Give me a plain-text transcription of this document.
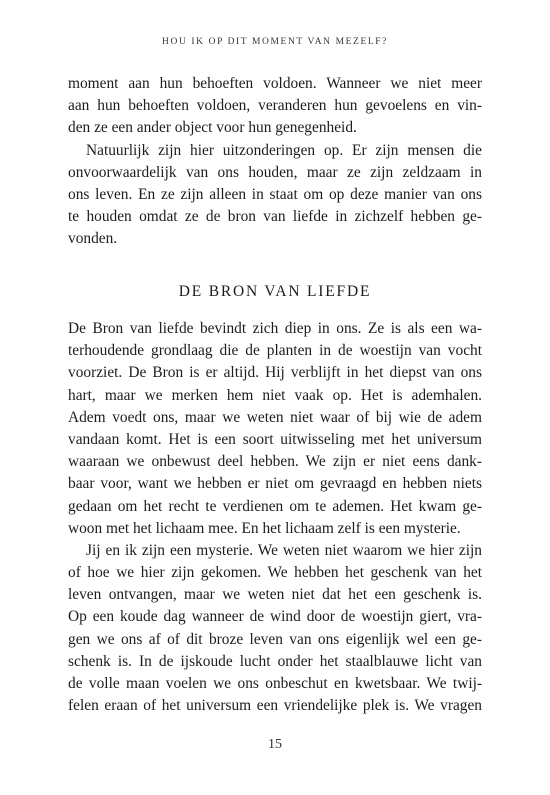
HOU IK OP DIT MOMENT VAN MEZELF?
moment aan hun behoeften voldoen. Wanneer we niet meer
aan hun behoeften voldoen, veranderen hun gevoelens en vin-
den ze een ander object voor hun genegenheid.
Natuurlijk zijn hier uitzonderingen op. Er zijn mensen die
onvoorwaardelijk van ons houden, maar ze zijn zeldzaam in
ons leven. En ze zijn alleen in staat om op deze manier van ons
te houden omdat ze de bron van liefde in zichzelf hebben ge-
vonden.
DE BRON VAN LIEFDE
De Bron van liefde bevindt zich diep in ons. Ze is als een wa-
terhoudende grondlaag die de planten in de woestijn van vocht
voorziet. De Bron is er altijd. Hij verblijft in het diepst van ons
hart, maar we merken hem niet vaak op. Het is ademhalen.
Adem voedt ons, maar we weten niet waar of bij wie de adem
vandaan komt. Het is een soort uitwisseling met het universum
waaraan we onbewust deel hebben. We zijn er niet eens dank-
baar voor, want we hebben er niet om gevraagd en hebben niets
gedaan om het recht te verdienen om te ademen. Het kwam ge-
woon met het lichaam mee. En het lichaam zelf is een mysterie.
Jij en ik zijn een mysterie. We weten niet waarom we hier zijn
of hoe we hier zijn gekomen. We hebben het geschenk van het
leven ontvangen, maar we weten niet dat het een geschenk is.
Op een koude dag wanneer de wind door de woestijn giert, vra-
gen we ons af of dit broze leven van ons eigenlijk wel een ge-
schenk is. In de ijskoude lucht onder het staalblauwe licht van
de volle maan voelen we ons onbeschut en kwetsbaar. We twij-
felen eraan of het universum een vriendelijke plek is. We vragen
15
